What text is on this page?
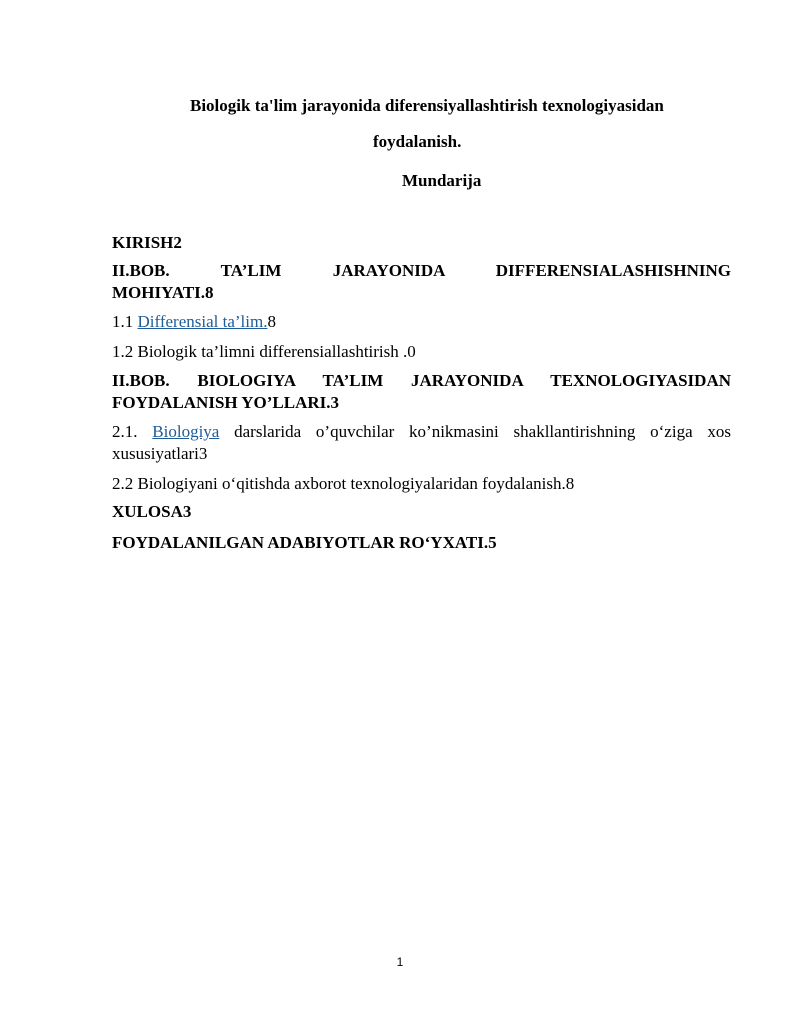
Biologik ta'lim jarayonida diferensiyallashtirish texnologiyasidan
foydalanish.
Mundarija
KIRISH2
II.BOB. TA’LIM JARAYONIDA DIFFERENSIALASHISHNING
MOHIYATI.8
1.1 Differensial ta’lim.8
1.2 Biologik ta’limni differensiallashtirish .0
II.BOB. BIOLOGIYA TA’LIM JARAYONIDA TEXNOLOGIYASIDAN
FOYDALANISH YO’LLARI.3
2.1. Biologiya darslarida o’quvchilar ko’nikmasini shakllantirishning o‘ziga xos
xususiyatlari3
2.2 Biologiyani o‘qitishda axborot texnologiyalaridan foydalanish.8
XULOSA3
FOYDALANILGAN ADABIYOTLAR RO‘YXATI.5
1
